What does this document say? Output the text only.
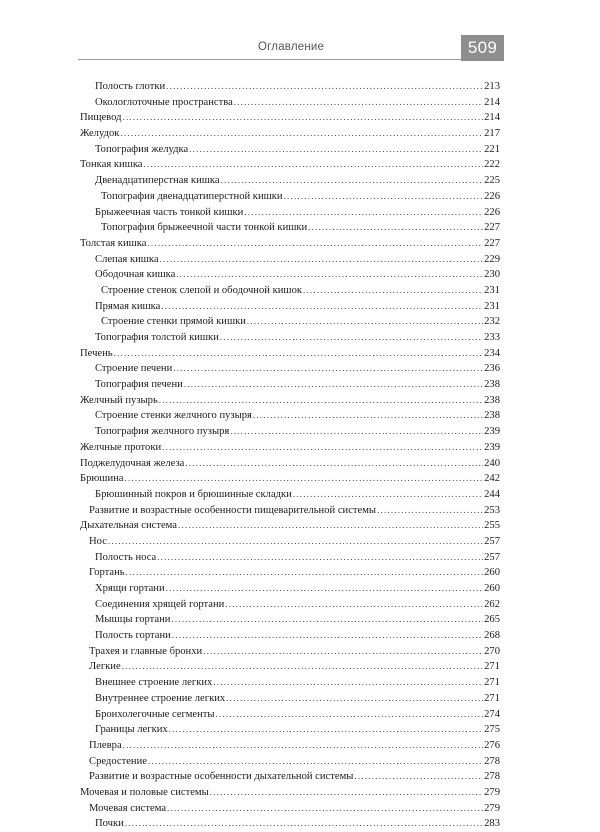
Оглавление	509
Полость глотки .....	213
Окологлоточные пространства .....	214
Пищевод .....	214
Желудок .....	217
Топография желудка .....	221
Тонкая кишка .....	222
Двенадцатиперстная кишка .....	225
Топография двенадцатиперстной кишки .....	226
Брыжеечная часть тонкой кишки .....	226
Топография брыжеечной части тонкой кишки .....	227
Толстая кишка .....	227
Слепая кишка .....	229
Ободочная кишка .....	230
Строение стенок слепой и ободочной кишок .....	231
Прямая кишка .....	231
Строение стенки прямой кишки .....	232
Топография толстой кишки .....	233
Печень .....	234
Строение печени .....	236
Топография печени .....	238
Желчный пузырь .....	238
Строение стенки желчного пузыря .....	238
Топография желчного пузыря .....	239
Желчные протоки .....	239
Поджелудочная железа .....	240
Брюшина .....	242
Брюшинный покров и брюшинные складки .....	244
Развитие и возрастные особенности пищеварительной системы .....	253
Дыхательная система .....	255
Нос .....	257
Полость носа .....	257
Гортань .....	260
Хрящи гортани .....	260
Соединения хрящей гортани .....	262
Мышцы гортани .....	265
Полость гортани .....	268
Трахея и главные бронхи .....	270
Легкие .....	271
Внешнее строение легких .....	271
Внутреннее строение легких .....	271
Бронхолегочные сегменты .....	274
Границы легких .....	275
Плевра .....	276
Средостение .....	278
Развитие и возрастные особенности дыхательной системы .....	278
Мочевая и половые системы .....	279
Мочевая система .....	279
Почки .....	283
